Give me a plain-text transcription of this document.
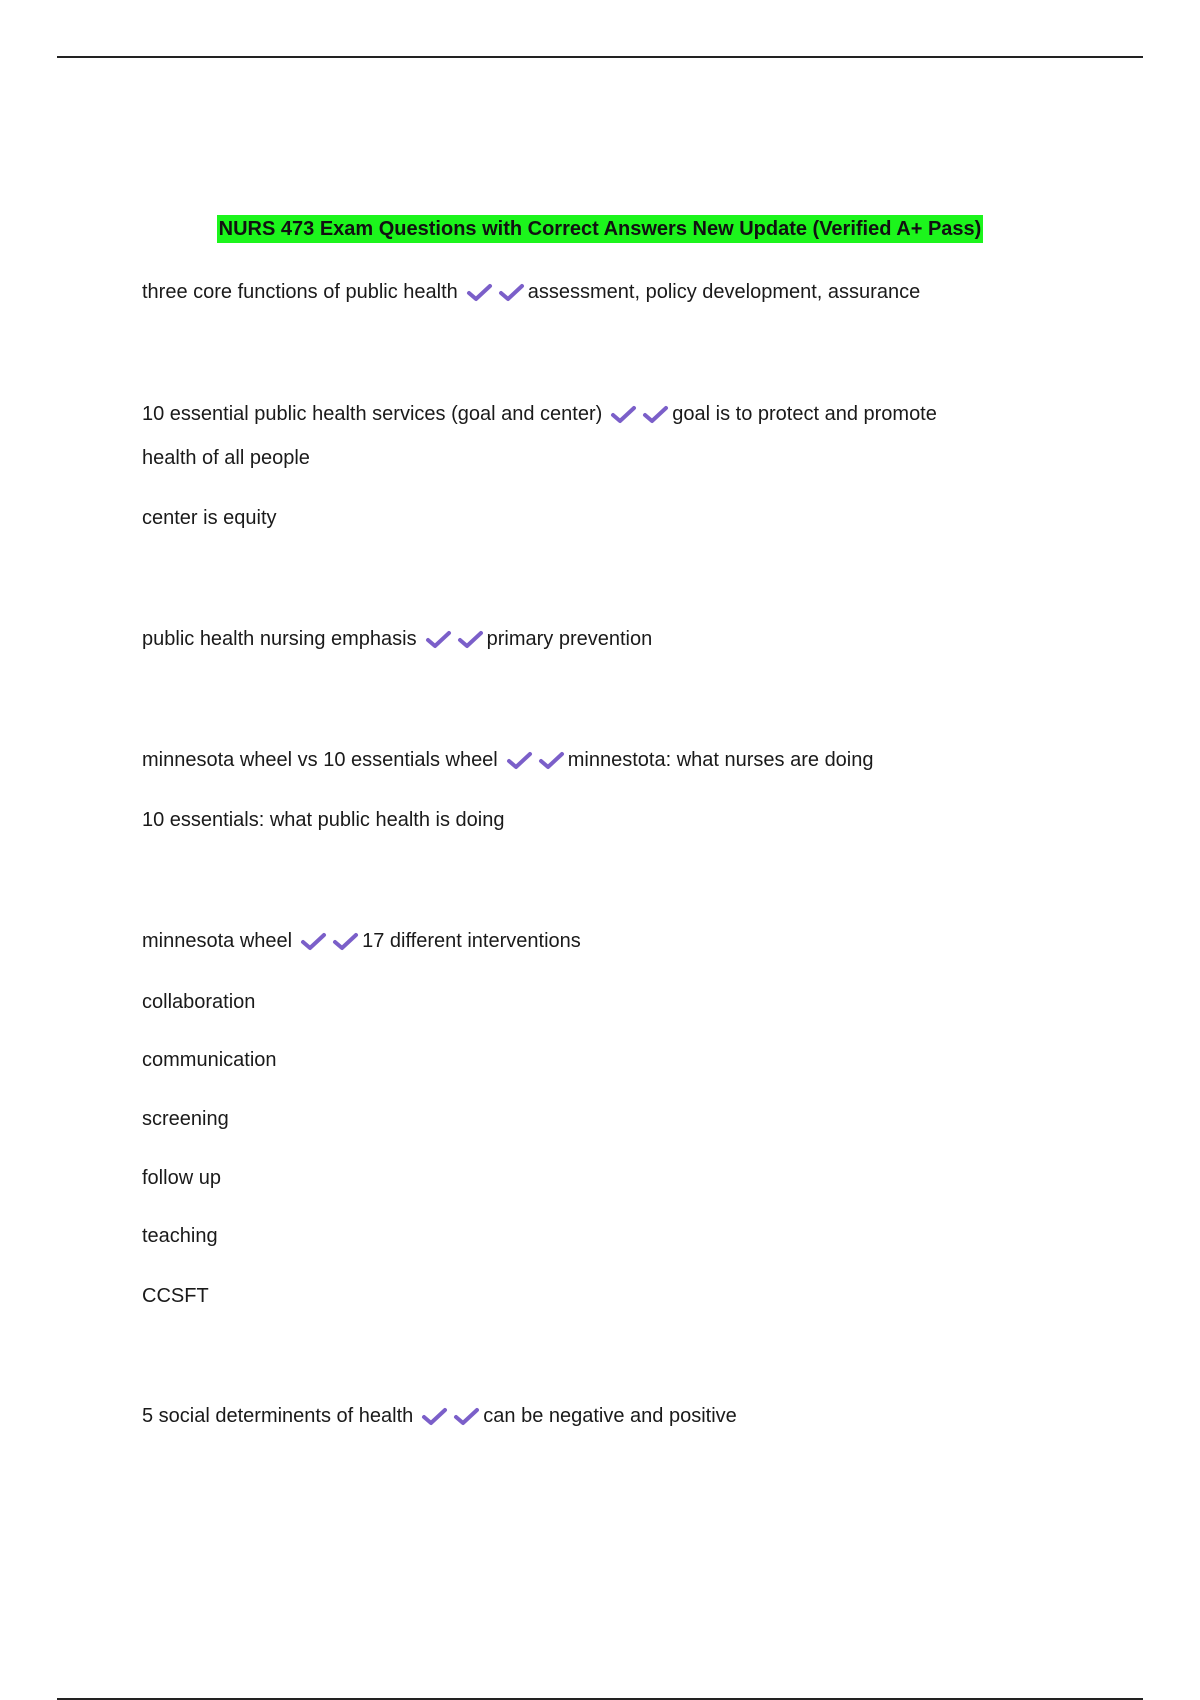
NURS 473 Exam Questions with Correct Answers New Update (Verified A+ Pass)
three core functions of public health	assessment, policy development, assurance
10 essential public health services (goal and center)	goal is to protect and promote
health of all people
center is equity
public health nursing emphasis	primary prevention
minnesota wheel vs 10 essentials wheel	minnestota: what nurses are doing
10 essentials: what public health is doing
minnesota wheel	17 different interventions
collaboration
communication
screening
follow up
teaching
CCSFT
5 social determinents of health	can be negative and positive
